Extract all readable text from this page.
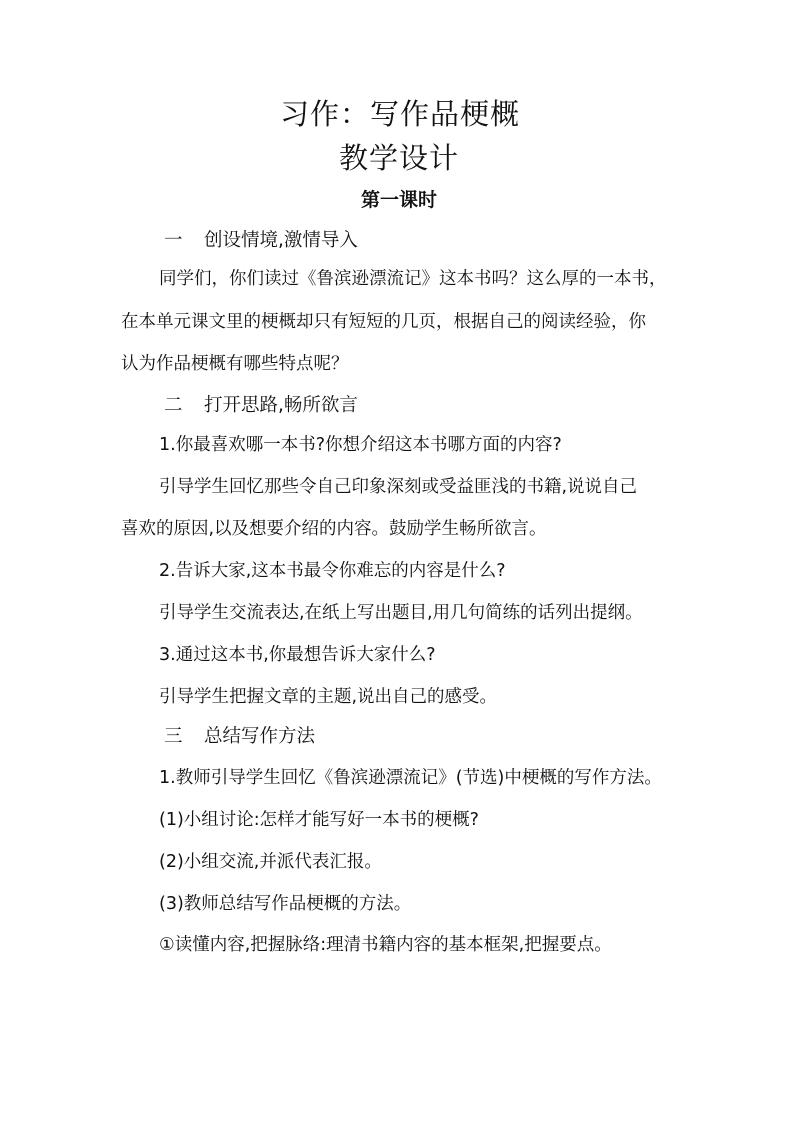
习作：写作品梗概
教学设计
第一课时
一 创设情境,激情导入
同学们，你们读过《鲁滨逊漂流记》这本书吗？这么厚的一本书，
在本单元课文里的梗概却只有短短的几页，根据自己的阅读经验，你
认为作品梗概有哪些特点呢？
二 打开思路,畅所欲言
1.你最喜欢哪一本书?你想介绍这本书哪方面的内容?
引导学生回忆那些令自己印象深刻或受益匪浅的书籍,说说自己
喜欢的原因,以及想要介绍的内容。鼓励学生畅所欲言。
2.告诉大家,这本书最令你难忘的内容是什么?
引导学生交流表达,在纸上写出题目,用几句简练的话列出提纲。
3.通过这本书,你最想告诉大家什么?
引导学生把握文章的主题,说出自己的感受。
三 总结写作方法
1.教师引导学生回忆《鲁滨逊漂流记》(节选)中梗概的写作方法。
(1)小组讨论:怎样才能写好一本书的梗概?
(2)小组交流,并派代表汇报。
(3)教师总结写作品梗概的方法。
①读懂内容,把握脉络:理清书籍内容的基本框架,把握要点。
